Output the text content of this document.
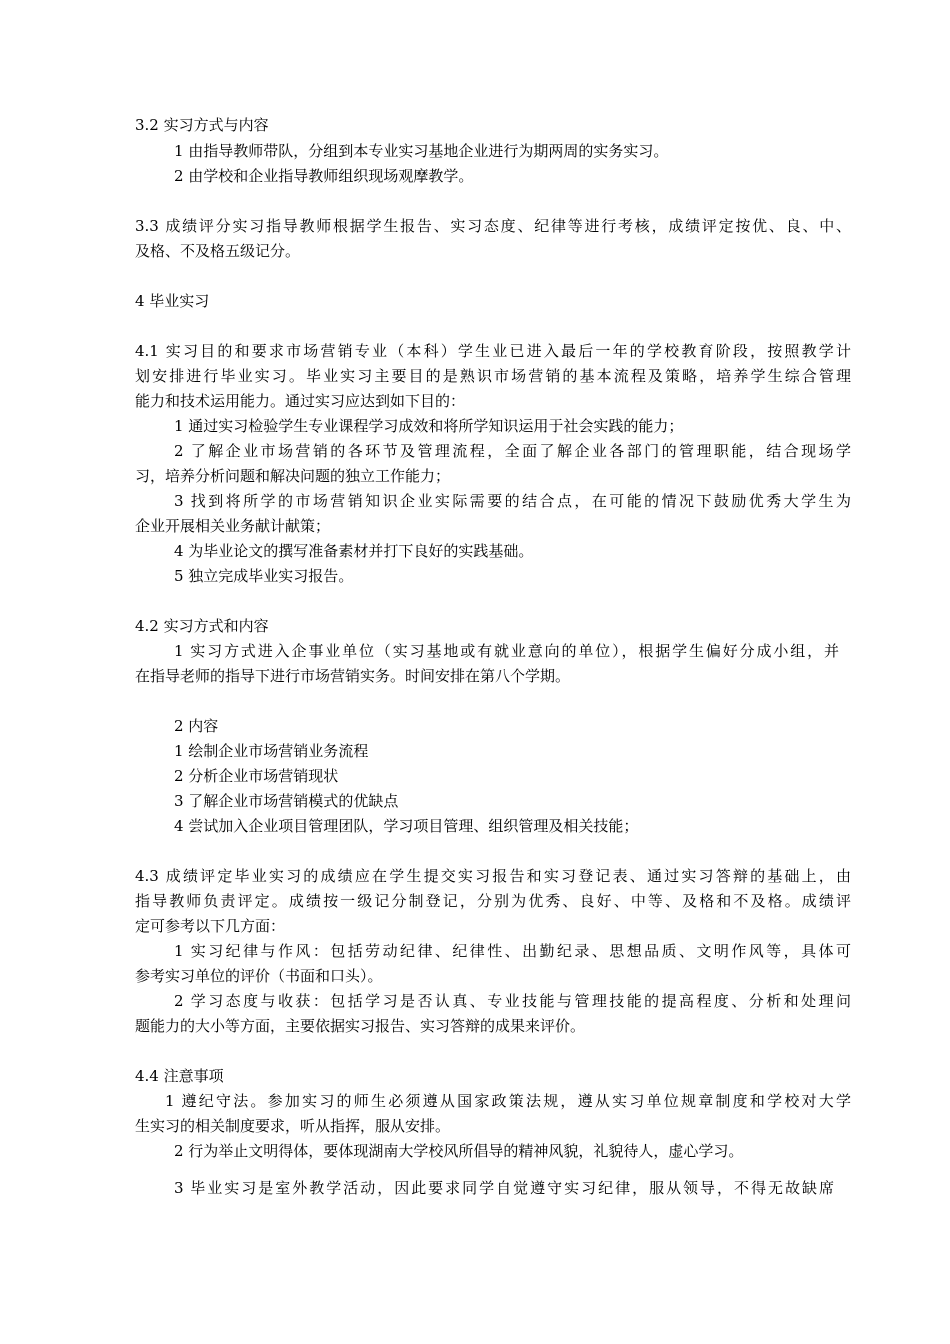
3.2 实习方式与内容

1 由指导教师带队，分组到本专业实习基地企业进行为期两周的实务实习。

2 由学校和企业指导教师组织现场观摩教学。

3.3 成绩评分实习指导教师根据学生报告、实习态度、纪律等进行考核，成绩评定按优、良、中、

及格、不及格五级记分。

4 毕业实习

4.1 实习目的和要求市场营销专业（本科）学生业已进入最后一年的学校教育阶段，按照教学计

划安排进行毕业实习。毕业实习主要目的是熟识市场营销的基本流程及策略，培养学生综合管理

能力和技术运用能力。通过实习应达到如下目的：

1 通过实习检验学生专业课程学习成效和将所学知识运用于社会实践的能力；

2 了解企业市场营销的各环节及管理流程，全面了解企业各部门的管理职能，结合现场学

习，培养分析问题和解决问题的独立工作能力；

3 找到将所学的市场营销知识企业实际需要的结合点，在可能的情况下鼓励优秀大学生为

企业开展相关业务献计献策；

4 为毕业论文的撰写准备素材并打下良好的实践基础。

5 独立完成毕业实习报告。

4.2 实习方式和内容

1 实习方式进入企事业单位（实习基地或有就业意向的单位），根据学生偏好分成小组，并

在指导老师的指导下进行市场营销实务。时间安排在第八个学期。

2 内容

1 绘制企业市场营销业务流程

2 分析企业市场营销现状

3 了解企业市场营销模式的优缺点

4 尝试加入企业项目管理团队，学习项目管理、组织管理及相关技能；

4.3 成绩评定毕业实习的成绩应在学生提交实习报告和实习登记表、通过实习答辩的基础上，由

指导教师负责评定。成绩按一级记分制登记，分别为优秀、良好、中等、及格和不及格。成绩评

定可参考以下几方面：

1 实习纪律与作风：包括劳动纪律、纪律性、出勤纪录、思想品质、文明作风等，具体可

参考实习单位的评价（书面和口头）。

2 学习态度与收获：包括学习是否认真、专业技能与管理技能的提高程度、分析和处理问

题能力的大小等方面，主要依据实习报告、实习答辩的成果来评价。

4.4 注意事项

1 遵纪守法。参加实习的师生必须遵从国家政策法规，遵从实习单位规章制度和学校对大学

生实习的相关制度要求，听从指挥，服从安排。

2 行为举止文明得体，要体现湖南大学校风所倡导的精神风貌，礼貌待人，虚心学习。

3 毕业实习是室外教学活动，因此要求同学自觉遵守实习纪律，服从领导，不得无故缺席
